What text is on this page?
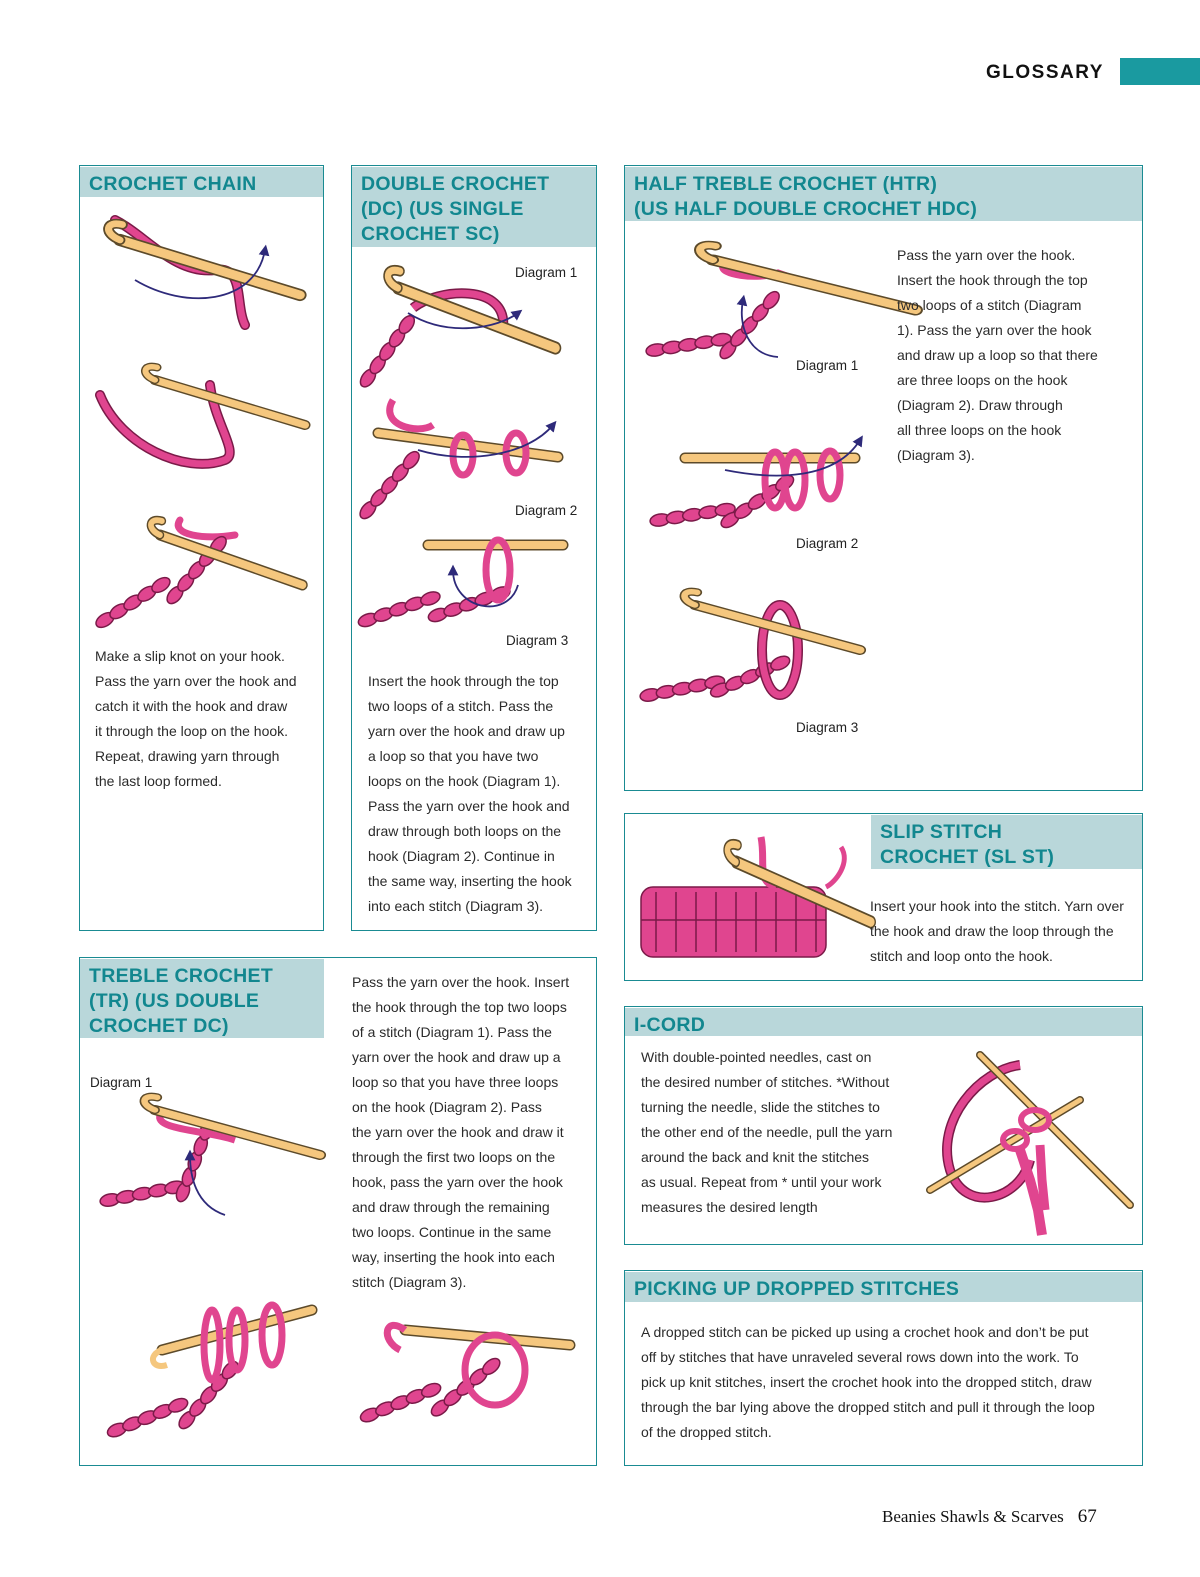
GLOSSARY
CROCHET CHAIN
Make a slip knot on your hook.
Pass the yarn over the hook and
catch it with the hook and draw
it through the loop on the hook.
Repeat, drawing yarn through
the last loop formed.
DOUBLE CROCHET
(DC) (US SINGLE
CROCHET SC)
Diagram 1
Diagram 2
Diagram 3
Insert the hook through the top
two loops of a stitch. Pass the
yarn over the hook and draw up
a loop so that you have two
loops on the hook (Diagram 1).
Pass the yarn over the hook and
draw through both loops on the
hook (Diagram 2). Continue in
the same way, inserting the hook
into each stitch (Diagram 3).
HALF TREBLE CROCHET (HTR)
(US HALF DOUBLE CROCHET HDC)
Diagram 1
Diagram 2
Diagram 3
Pass the yarn over the hook.
Insert the hook through the top
two loops of a stitch (Diagram
1). Pass the yarn over the hook
and draw up a loop so that there
are three loops on the hook
(Diagram 2). Draw through
all three loops on the hook
(Diagram 3).
SLIP STITCH
CROCHET (SL ST)
Insert your hook into the stitch. Yarn over
the hook and draw the loop through the
stitch and loop onto the hook.
TREBLE CROCHET
(TR) (US DOUBLE
CROCHET DC)
Diagram 1
Pass the yarn over the hook. Insert
the hook through the top two loops
of a stitch (Diagram 1). Pass the
yarn over the hook and draw up a
loop so that you have three loops
on the hook (Diagram 2). Pass
the yarn over the hook and draw it
through the first two loops on the
hook, pass the yarn over the hook
and draw through the remaining
two loops. Continue in the same
way, inserting the hook into each
stitch (Diagram 3).
I-CORD
With double-pointed needles, cast on
the desired number of stitches. *Without
turning the needle, slide the stitches to
the other end of the needle, pull the yarn
around the back and knit the stitches
as usual. Repeat from * until your work
measures the desired length
PICKING UP DROPPED STITCHES
A dropped stitch can be picked up using a crochet hook and don’t be put
off by stitches that have unraveled several rows down into the work. To
pick up knit stitches, insert the crochet hook into the dropped stitch, draw
through the bar lying above the dropped stitch and pull it through the loop
of the dropped stitch.
Beanies Shawls & Scarves 67
